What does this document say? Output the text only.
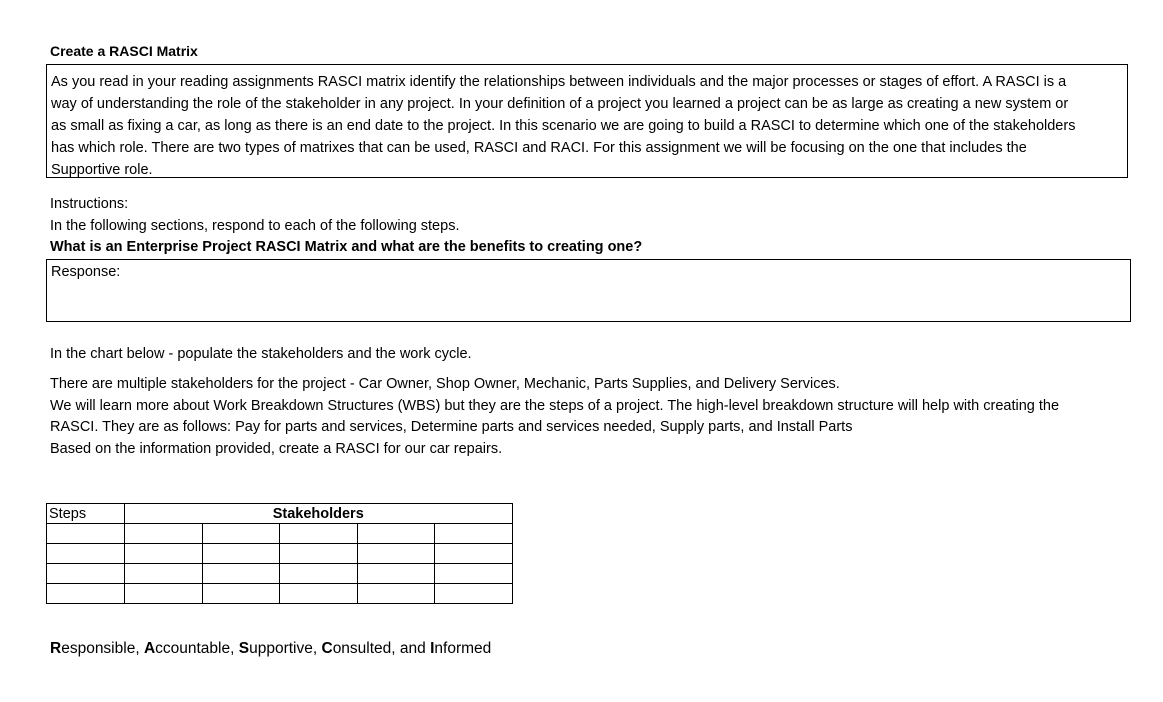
Create a RASCI Matrix
As you read in your reading assignments RASCI matrix identify the relationships between individuals and the major processes or stages of effort. A RASCI is a
way of understanding the role of the stakeholder in any project. In your definition of a project you learned a project can be as large as creating a new system or
as small as fixing a car, as long as there is an end date to the project. In this scenario we are going to build a RASCI to determine which one of the stakeholders
has which role. There are two types of matrixes that can be used, RASCI and RACI. For this assignment we will be focusing on the one that includes the
Supportive role.
Instructions:
In the following sections, respond to each of the following steps.
What is an Enterprise Project RASCI Matrix and what are the benefits to creating one?
Response:
In the chart below - populate the stakeholders and the work cycle.
There are multiple stakeholders for the project - Car Owner, Shop Owner, Mechanic, Parts Supplies, and Delivery Services.
We will learn more about Work Breakdown Structures (WBS) but they are the steps of a project. The high-level breakdown structure will help with creating the
RASCI. They are as follows: Pay for parts and services, Determine parts and services needed, Supply parts, and Install Parts
Based on the information provided, create a RASCI for our car repairs.
Steps	Stakeholders				

Responsible, Accountable, Supportive, Consulted, and Informed
